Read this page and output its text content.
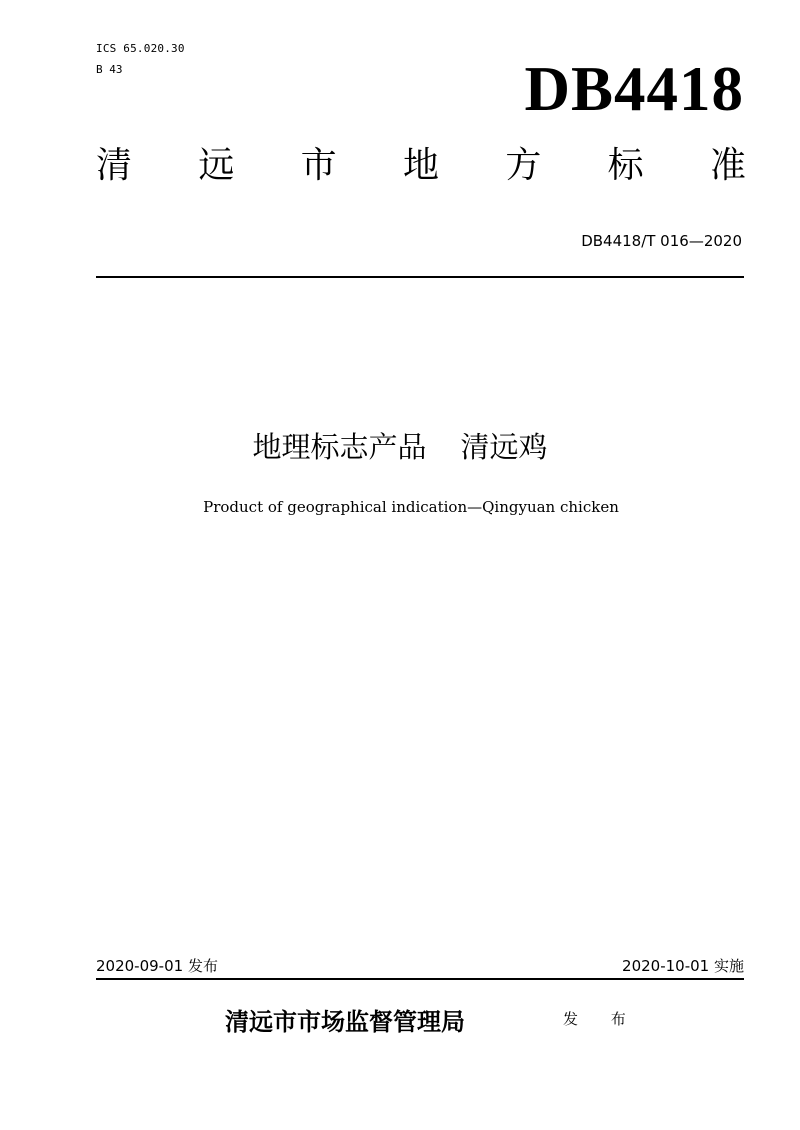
ICS 65.020.30
B 43	DB4418
清 远 市 地 方 标 准
DB4418/T 016—2020
地理标志产品 清远鸡
Product of geographical indication—Qingyuan chicken
2020-09-01 发布	2020-10-01 实施
清远市市场监督管理局	发 布
